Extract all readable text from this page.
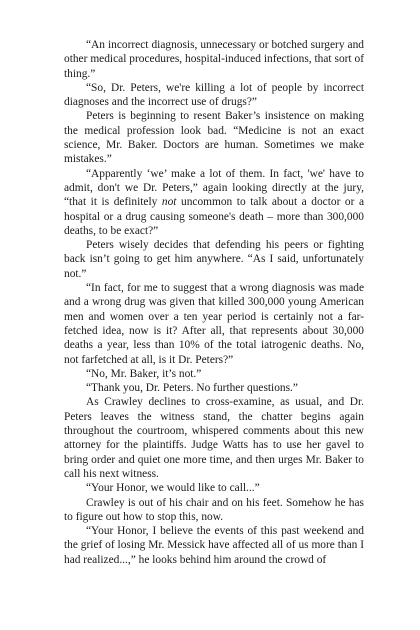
“An incorrect diagnosis, unnecessary or botched surgery and other medical procedures, hospital-induced infections, that sort of thing.”

“So, Dr. Peters, we're killing a lot of people by incorrect diagnoses and the incorrect use of drugs?”

Peters is beginning to resent Baker’s insistence on making the medical profession look bad. “Medicine is not an exact science, Mr. Baker. Doctors are human. Sometimes we make mistakes.”

“Apparently ‘we’ make a lot of them. In fact, 'we' have to admit, don't we Dr. Peters,” again looking directly at the jury, “that it is definitely not uncommon to talk about a doctor or a hospital or a drug causing someone's death – more than 300,000 deaths, to be exact?”

Peters wisely decides that defending his peers or fighting back isn’t going to get him anywhere. “As I said, unfortunately not.”

“In fact, for me to suggest that a wrong diagnosis was made and a wrong drug was given that killed 300,000 young American men and women over a ten year period is certainly not a far-fetched idea, now is it? After all, that represents about 30,000 deaths a year, less than 10% of the total iatrogenic deaths. No, not farfetched at all, is it Dr. Peters?”

“No, Mr. Baker, it’s not.”

“Thank you, Dr. Peters. No further questions.”

As Crawley declines to cross-examine, as usual, and Dr. Peters leaves the witness stand, the chatter begins again throughout the courtroom, whispered comments about this new attorney for the plaintiffs. Judge Watts has to use her gavel to bring order and quiet one more time, and then urges Mr. Baker to call his next witness.

“Your Honor, we would like to call...”

Crawley is out of his chair and on his feet. Somehow he has to figure out how to stop this, now.

“Your Honor, I believe the events of this past weekend and the grief of losing Mr. Messick have affected all of us more than I had realized...,” he looks behind him around the crowd of
